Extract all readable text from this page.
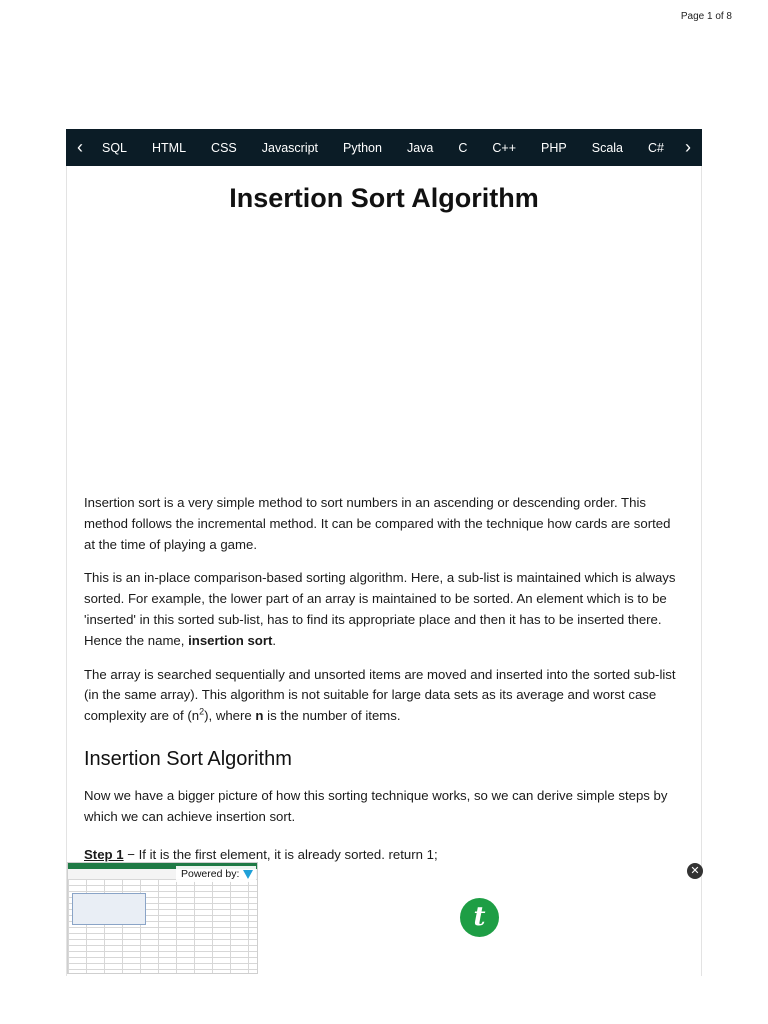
Page 1 of 8
‹	SQL HTML CSS Javascript Python Java C C++ PHP Scala C#	›
Insertion Sort Algorithm

Insertion sort is a very simple method to sort numbers in an ascending or descending order. This method follows the incremental method. It can be compared with the technique how cards are sorted at the time of playing a game.

This is an in-place comparison-based sorting algorithm. Here, a sub-list is maintained which is always sorted. For example, the lower part of an array is maintained to be sorted. An element which is to be 'inserted' in this sorted sub-list, has to find its appropriate place and then it has to be inserted there. Hence the name, insertion sort.

The array is searched sequentially and unsorted items are moved and inserted into the sorted sub-list (in the same array). This algorithm is not suitable for large data sets as its average and worst case complexity are of $(n^2)$, where n is the number of items.

Insertion Sort Algorithm

Now we have a bigger picture of how this sorting technique works, so we can derive simple steps by which we can achieve insertion sort.

Step 1 − If it is the first element, it is already sorted. return 1;
Powered by:	✕
t
